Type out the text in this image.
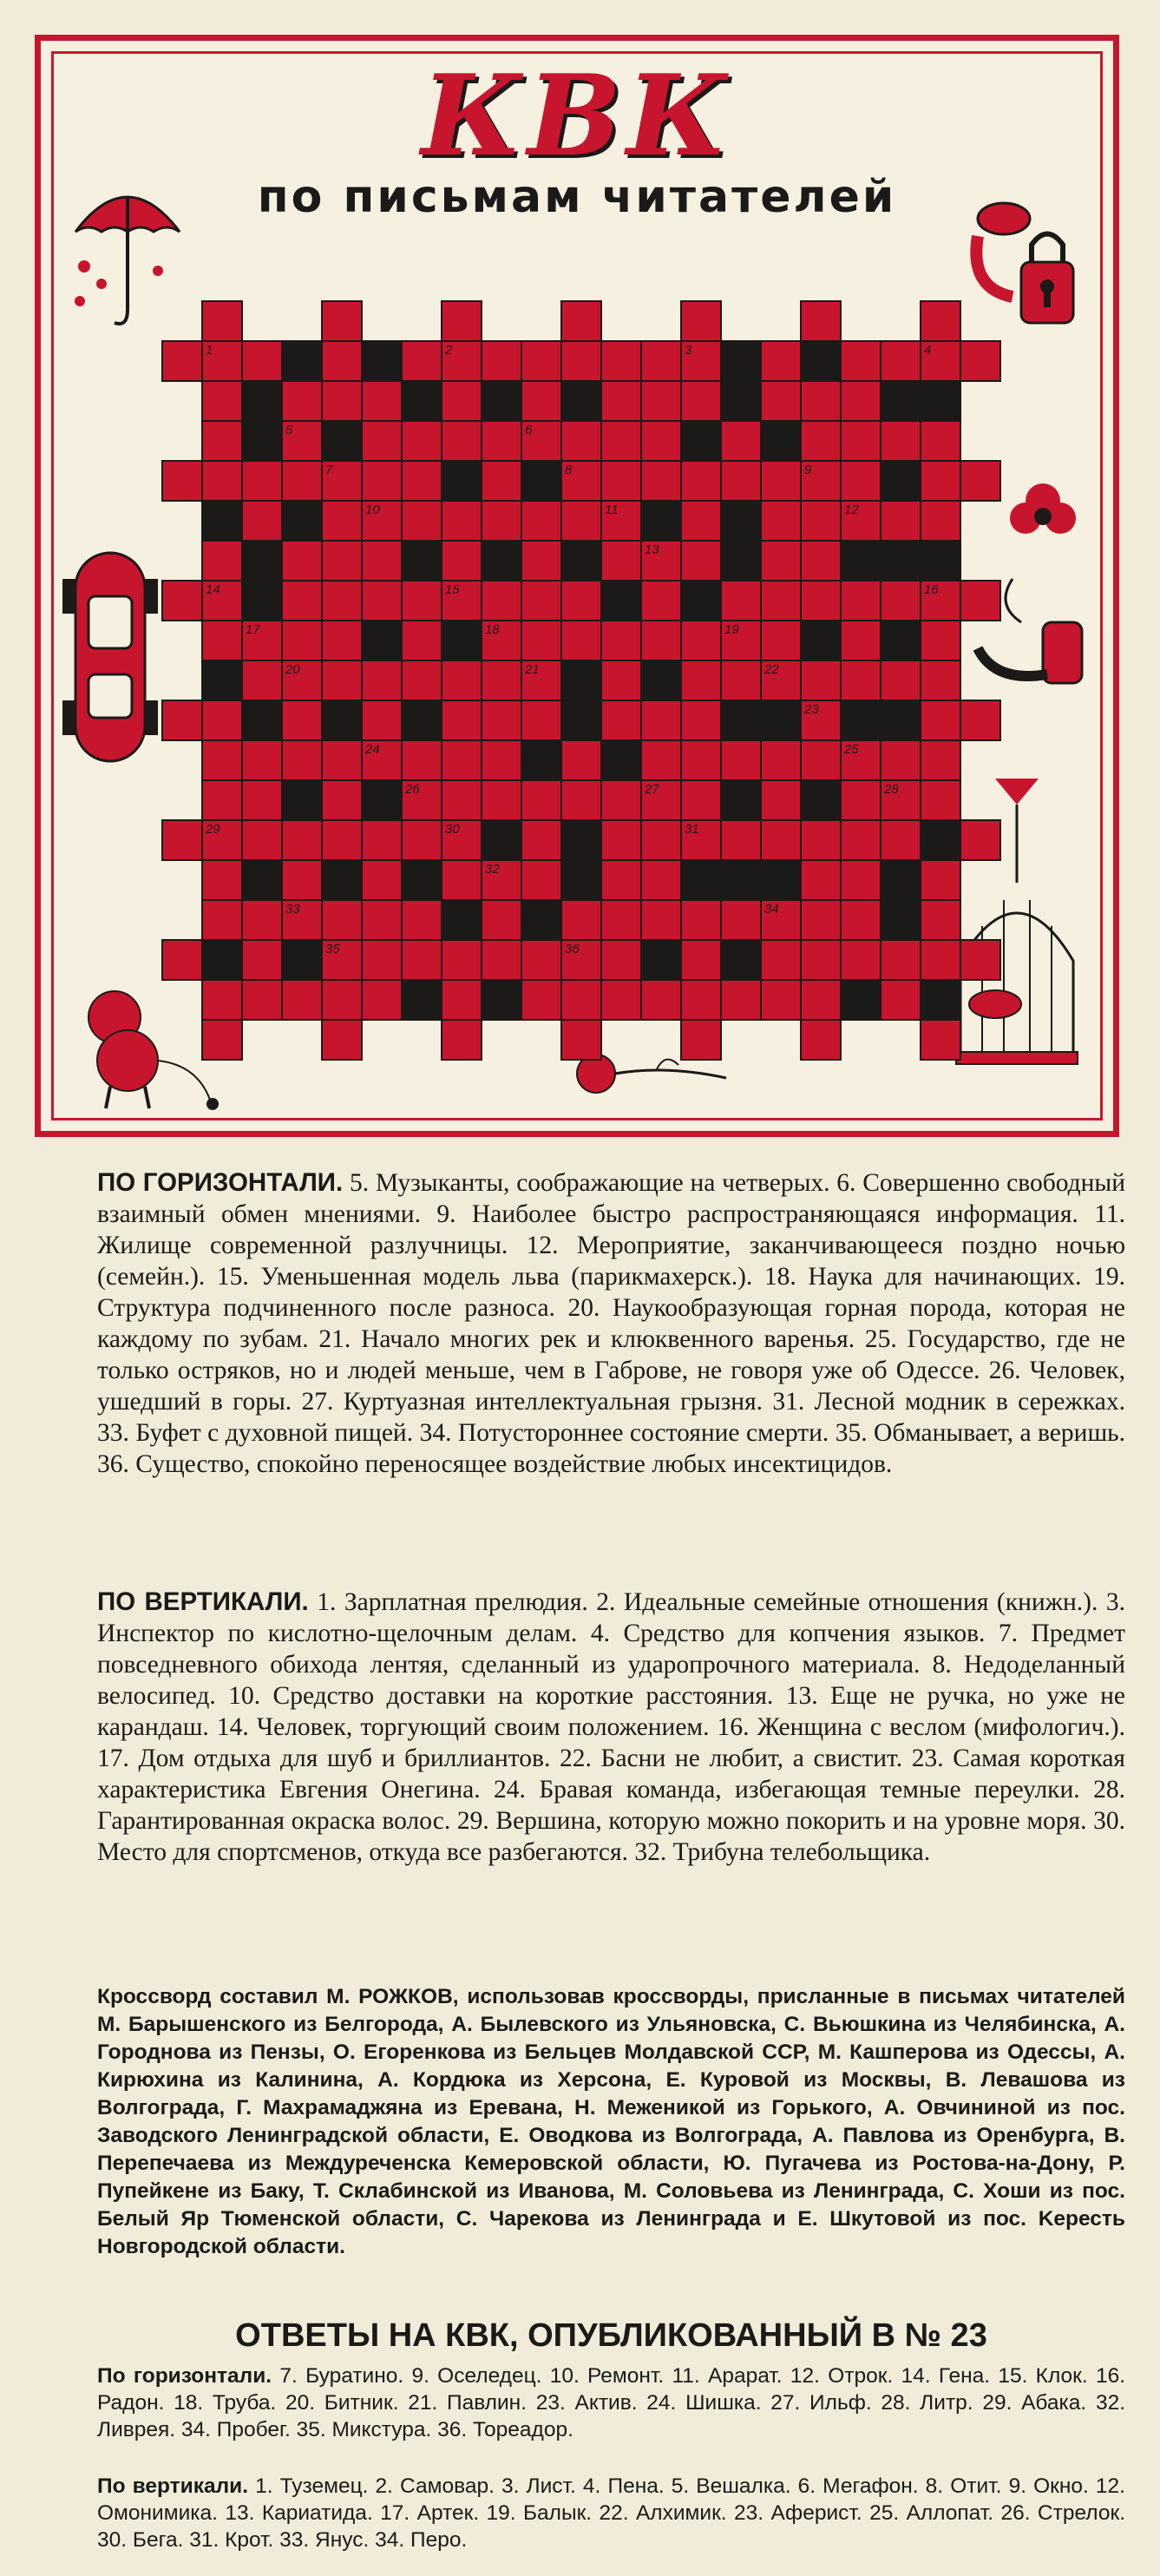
КВК
по письмам читателей
1	2	3	4
5	6
7	8	9
10	11	12
13
14	15	16
17	18	19
20	21	22
23
24	25
26	27	28
29	30	31
32
33	34
35	36
ПО ГОРИЗОНТАЛИ. 5. Музыканты, соображающие на четверых. 6. Совершенно свободный взаимный обмен мнениями. 9. Наиболее быстро распространяющаяся информация. 11. Жилище современной разлучницы. 12. Мероприятие, заканчивающееся поздно ночью (семейн.). 15. Уменьшенная модель льва (парикмахерск.). 18. Наука для начинающих. 19. Структура подчиненного после разноса. 20. Наукообразующая горная порода, которая не каждому по зубам. 21. Начало многих рек и клюквенного варенья. 25. Государство, где не только остряков, но и людей меньше, чем в Габрове, не говоря уже об Одессе. 26. Человек, ушедший в горы. 27. Куртуазная интеллектуальная грызня. 31. Лесной модник в сережках. 33. Буфет с духовной пищей. 34. Потустороннее состояние смерти. 35. Обманывает, а веришь. 36. Существо, спокойно переносящее воздействие любых инсектицидов.
ПО ВЕРТИКАЛИ. 1. Зарплатная прелюдия. 2. Идеальные семейные отношения (книжн.). 3. Инспектор по кислотно-щелочным делам. 4. Средство для копчения языков. 7. Предмет повседневного обихода лентяя, сделанный из ударопрочного материала. 8. Недоделанный велосипед. 10. Средство доставки на короткие расстояния. 13. Еще не ручка, но уже не карандаш. 14. Человек, торгующий своим положением. 16. Женщина с веслом (мифологич.). 17. Дом отдыха для шуб и бриллиантов. 22. Басни не любит, а свистит. 23. Самая короткая характеристика Евгения Онегина. 24. Бравая команда, избегающая темные переулки. 28. Гарантированная окраска волос. 29. Вершина, которую можно покорить и на уровне моря. 30. Место для спортсменов, откуда все разбегаются. 32. Трибуна телебольщика.
Кроссворд составил М. РОЖКОВ, использовав кроссворды, присланные в письмах читателей М. Барышенского из Белгорода, А. Былевского из Ульяновска, С. Вьюшкина из Челябинска, А. Городнова из Пензы, О. Егоренкова из Бельцев Молдавской ССР, М. Кашперова из Одессы, А. Кирюхина из Калинина, А. Кордюка из Херсона, Е. Куровой из Москвы, В. Левашова из Волгограда, Г. Махрамаджяна из Еревана, Н. Меженикой из Горького, А. Овчининой из пос. Заводского Ленинградской области, Е. Оводкова из Волгограда, А. Павлова из Оренбурга, В. Перепечаева из Междуреченска Кемеровской области, Ю. Пугачева из Ростова-на-Дону, Р. Пупейкене из Баку, Т. Склабинской из Иванова, М. Соловьева из Ленинграда, С. Хоши из пос. Белый Яр Тюменской области, С. Чарекова из Ленинграда и Е. Шкутовой из пос. Keресть Новгородской области.
ОТВЕТЫ НА КВК, ОПУБЛИКОВАННЫЙ В № 23
По горизонтали. 7. Буратино. 9. Оселедец. 10. Ремонт. 11. Арарат. 12. Отрок. 14. Гена. 15. Клок. 16. Радон. 18. Труба. 20. Битник. 21. Павлин. 23. Актив. 24. Шишка. 27. Ильф. 28. Литр. 29. Абака. 32. Ливрея. 34. Пробег. 35. Микстура. 36. Тореадор.
По вертикали. 1. Туземец. 2. Самовар. 3. Лист. 4. Пена. 5. Вешалка. 6. Мегафон. 8. Отит. 9. Окно. 12. Омонимика. 13. Кариатида. 17. Артек. 19. Балык. 22. Алхимик. 23. Аферист. 25. Аллопат. 26. Стрелок. 30. Бега. 31. Крот. 33. Янус. 34. Перо.
